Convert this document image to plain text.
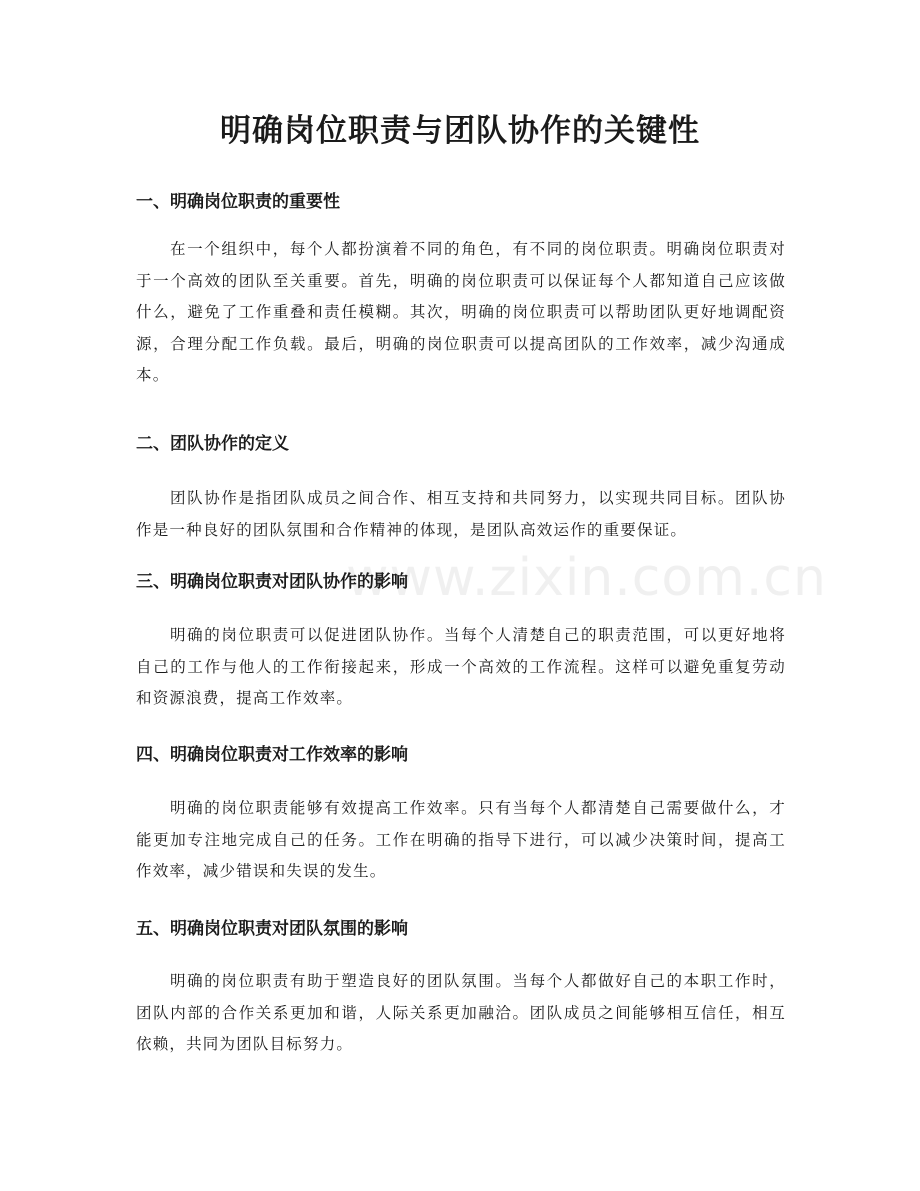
www.zixin.com.cn
明确岗位职责与团队协作的关键性
一、明确岗位职责的重要性

在一个组织中，每个人都扮演着不同的角色，有不同的岗位职责。明确岗位职责对于一个高效的团队至关重要。首先，明确的岗位职责可以保证每个人都知道自己应该做什么，避免了工作重叠和责任模糊。其次，明确的岗位职责可以帮助团队更好地调配资源，合理分配工作负载。最后，明确的岗位职责可以提高团队的工作效率，减少沟通成本。

二、团队协作的定义

团队协作是指团队成员之间合作、相互支持和共同努力，以实现共同目标。团队协作是一种良好的团队氛围和合作精神的体现，是团队高效运作的重要保证。

三、明确岗位职责对团队协作的影响

明确的岗位职责可以促进团队协作。当每个人清楚自己的职责范围，可以更好地将自己的工作与他人的工作衔接起来，形成一个高效的工作流程。这样可以避免重复劳动和资源浪费，提高工作效率。

四、明确岗位职责对工作效率的影响

明确的岗位职责能够有效提高工作效率。只有当每个人都清楚自己需要做什么，才能更加专注地完成自己的任务。工作在明确的指导下进行，可以减少决策时间，提高工作效率，减少错误和失误的发生。

五、明确岗位职责对团队氛围的影响

明确的岗位职责有助于塑造良好的团队氛围。当每个人都做好自己的本职工作时，团队内部的合作关系更加和谐，人际关系更加融洽。团队成员之间能够相互信任，相互依赖，共同为团队目标努力。
